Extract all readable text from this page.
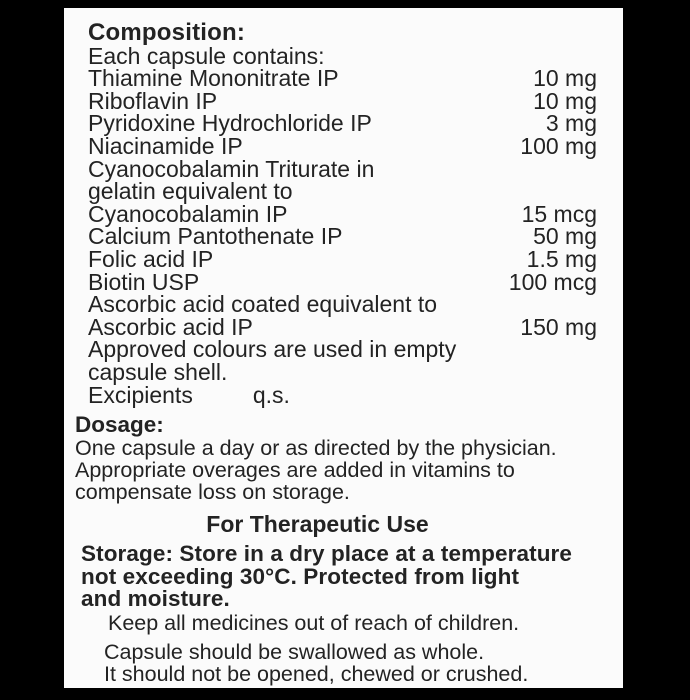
Composition:
Each capsule contains:
Thiamine Mononitrate IP	10 mg
Riboflavin IP	10 mg
Pyridoxine Hydrochloride IP	3 mg
Niacinamide IP	100 mg
Cyanocobalamin Triturate in
gelatin equivalent to
Cyanocobalamin IP	15 mcg
Calcium Pantothenate IP	50 mg
Folic acid IP	1.5 mg
Biotin USP	100 mcg
Ascorbic acid coated equivalent to
Ascorbic acid IP	150 mg
Approved colours are used in empty
capsule shell.
Excipients	q.s.
Dosage:
One capsule a day or as directed by the physician.
Appropriate overages are added in vitamins to
compensate loss on storage.
For Therapeutic Use
Storage: Store in a dry place at a temperature
not exceeding 30°C. Protected from light
and moisture.
Keep all medicines out of reach of children.
Capsule should be swallowed as whole.
It should not be opened, chewed or crushed.
